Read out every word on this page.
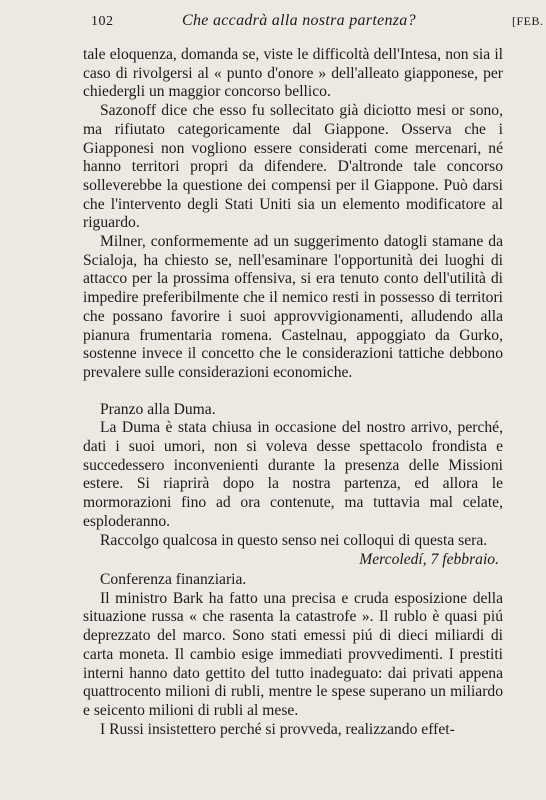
102	Che accadrà alla nostra partenza?	[FEB.

tale eloquenza, domanda se, viste le difficoltà dell'Intesa, non sia il caso di rivolgersi al « punto d'onore » dell'alleato giapponese, per chiedergli un maggior concorso bellico.

Sazonoff dice che esso fu sollecitato già diciotto mesi or sono, ma rifiutato categoricamente dal Giappone. Osserva che i Giapponesi non vogliono essere considerati come mercenari, né hanno territori propri da difendere. D'altronde tale concorso solleverebbe la questione dei compensi per il Giappone. Può darsi che l'intervento degli Stati Uniti sia un elemento modificatore al riguardo.

Milner, conformemente ad un suggerimento datogli stamane da Scialoja, ha chiesto se, nell'esaminare l'opportunità dei luoghi di attacco per la prossima offensiva, si era tenuto conto dell'utilità di impedire preferibilmente che il nemico resti in possesso di territori che possano favorire i suoi approvvigionamenti, alludendo alla pianura frumentaria romena. Castelnau, appoggiato da Gurko, sostenne invece il concetto che le considerazioni tattiche debbono prevalere sulle considerazioni economiche.

Pranzo alla Duma.

La Duma è stata chiusa in occasione del nostro arrivo, perché, dati i suoi umori, non si voleva desse spettacolo frondista e succedessero inconvenienti durante la presenza delle Missioni estere. Si riaprirà dopo la nostra partenza, ed allora le mormorazioni fino ad ora contenute, ma tuttavia mal celate, esploderanno.

Raccolgo qualcosa in questo senso nei colloqui di questa sera.

Mercoledí, 7 febbraio.

Conferenza finanziaria.

Il ministro Bark ha fatto una precisa e cruda esposizione della situazione russa « che rasenta la catastrofe ». Il rublo è quasi piú deprezzato del marco. Sono stati emessi piú di dieci miliardi di carta moneta. Il cambio esige immediati provvedimenti. I prestiti interni hanno dato gettito del tutto inadeguato: dai privati appena quattrocento milioni di rubli, mentre le spese superano un miliardo e seicento milioni di rubli al mese.

I Russi insistettero perché si provveda, realizzando effet-
